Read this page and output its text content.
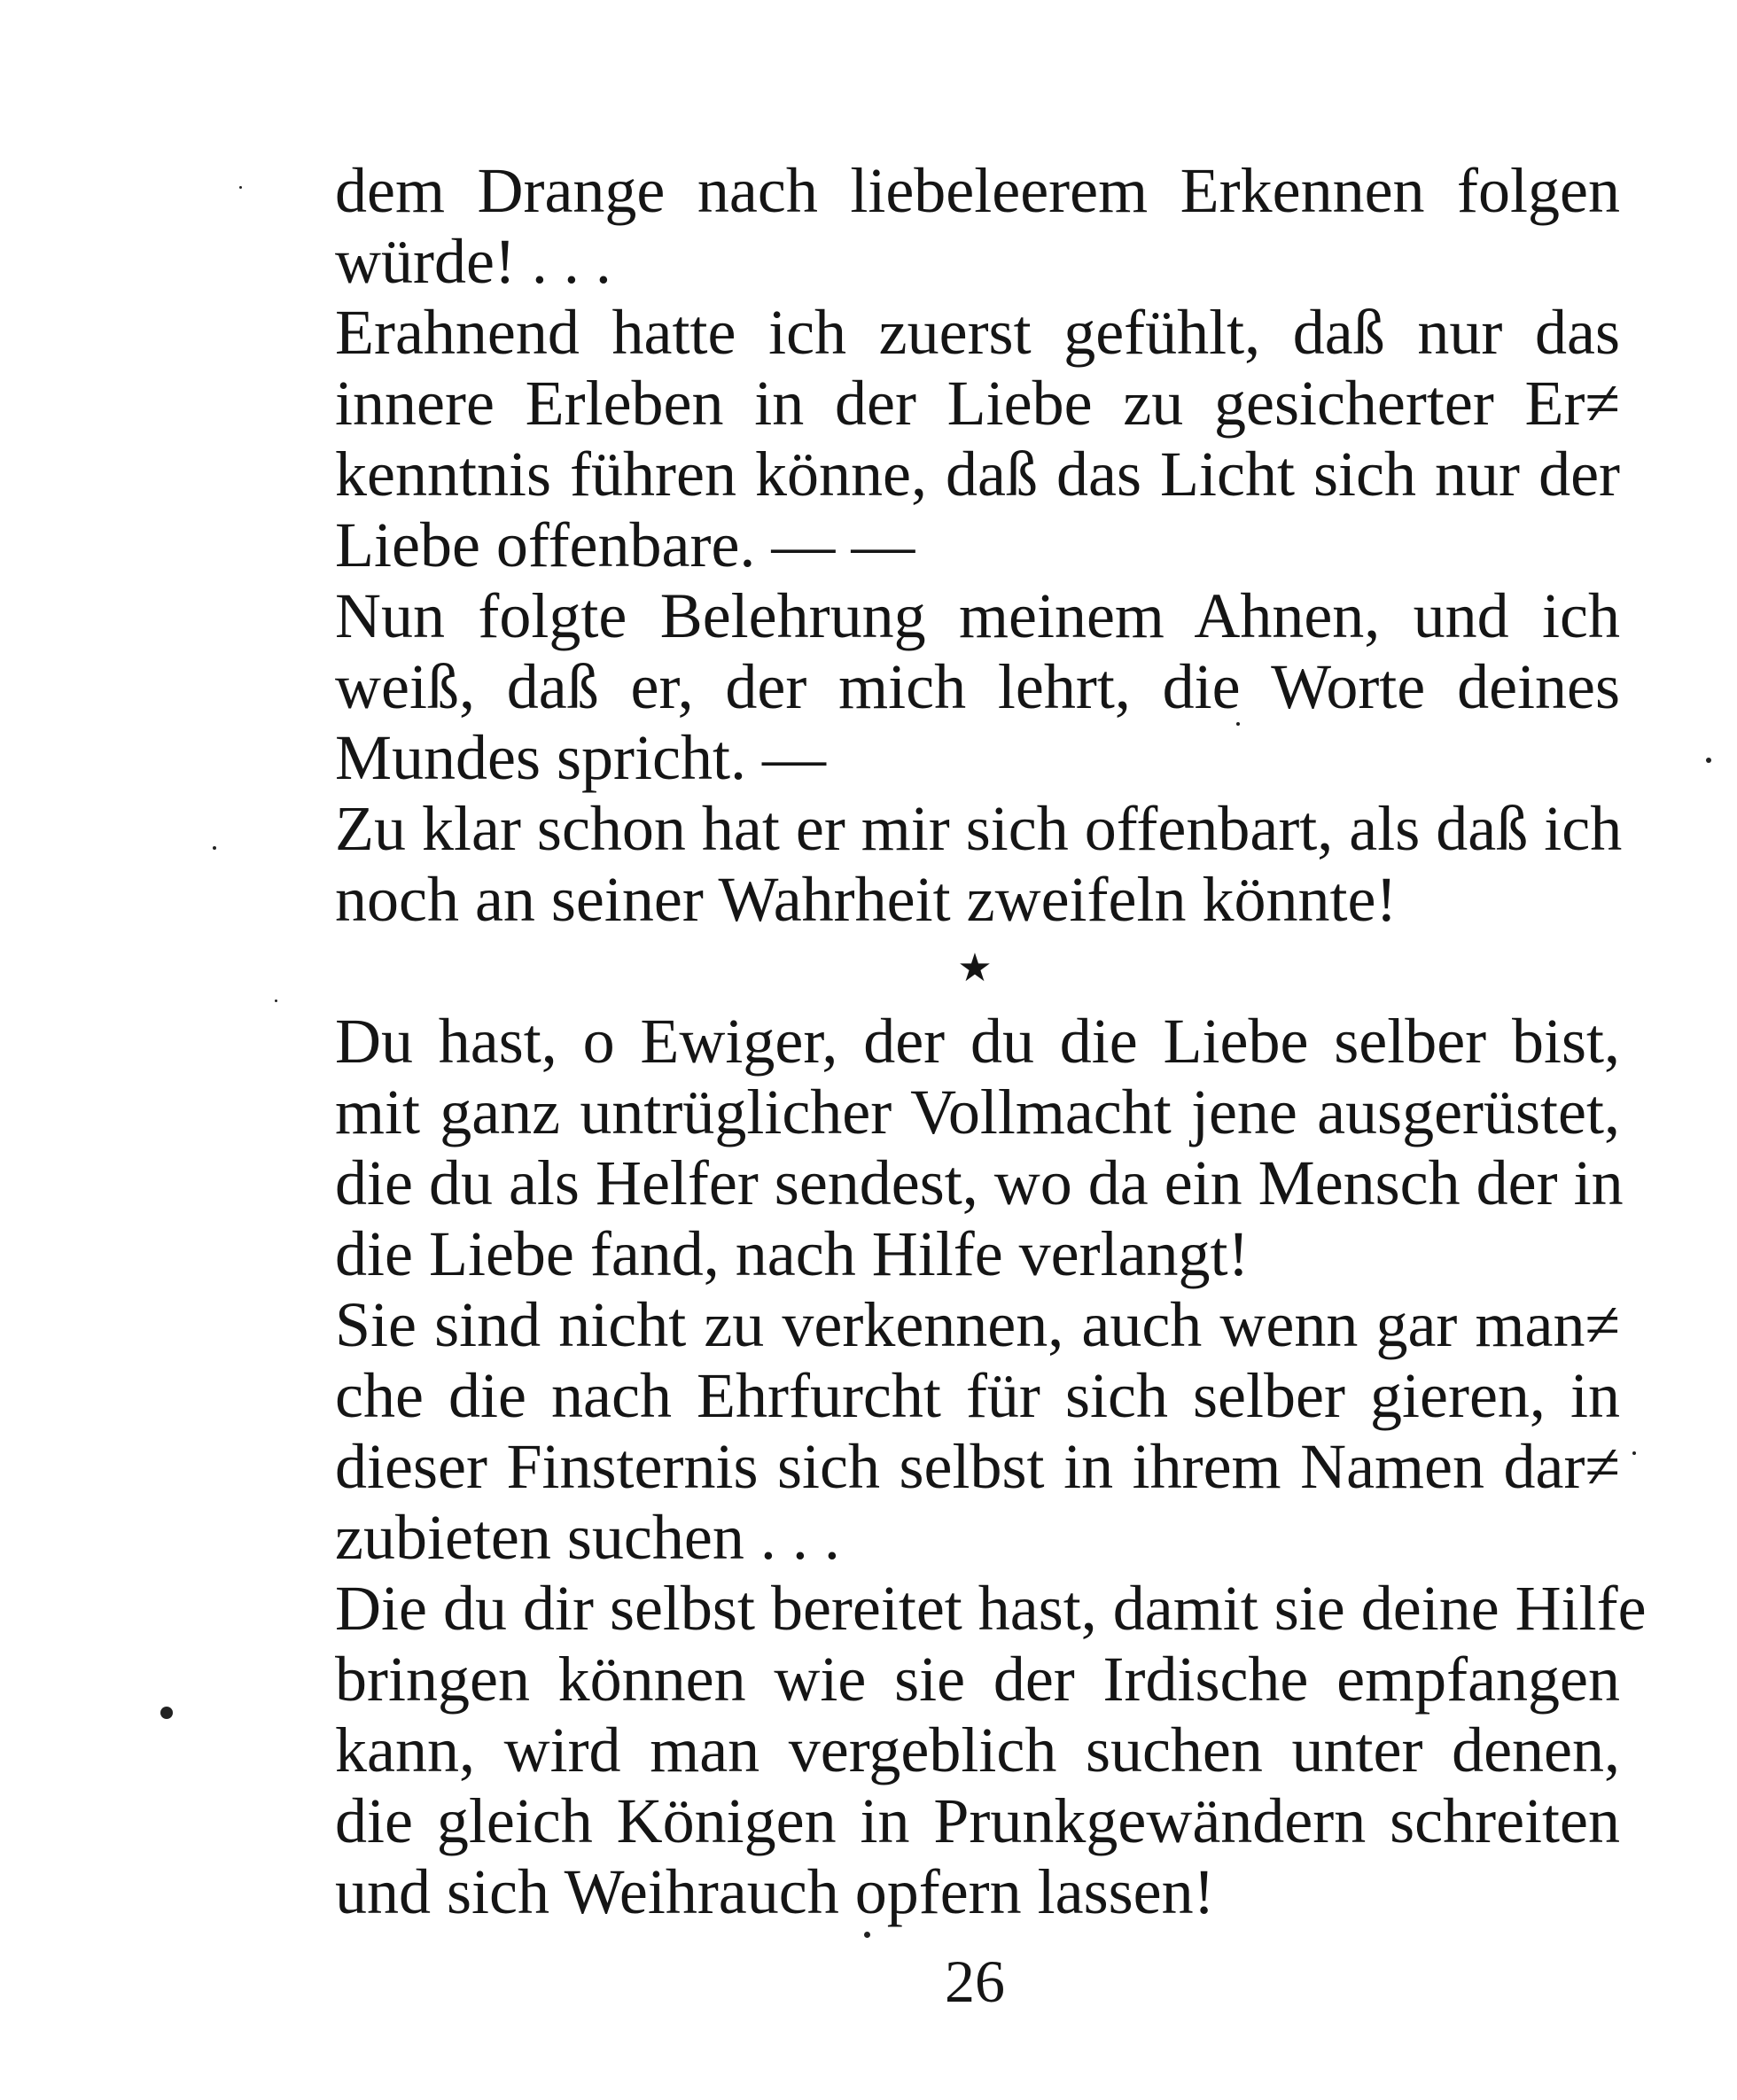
dem Drange nach liebeleerem Erkennen folgen
würde! . . .
Erahnend hatte ich zuerst gefühlt, daß nur das
innere Erleben in der Liebe zu gesicherter Er≠
kenntnis führen könne, daß das Licht sich nur der
Liebe offenbare. — —
Nun folgte Belehrung meinem Ahnen, und ich
weiß, daß er, der mich lehrt, die Worte deines
Mundes spricht. —
Zu klar schon hat er mir sich offenbart, als daß ich
noch an seiner Wahrheit zweifeln könnte!
★
Du hast, o Ewiger, der du die Liebe selber bist,
mit ganz untrüglicher Vollmacht jene ausgerüstet,
die du als Helfer sendest, wo da ein Mensch der in
die Liebe fand, nach Hilfe verlangt!
Sie sind nicht zu verkennen, auch wenn gar man≠
che die nach Ehrfurcht für sich selber gieren, in
dieser Finsternis sich selbst in ihrem Namen dar≠
zubieten suchen . . .
Die du dir selbst bereitet hast, damit sie deine Hilfe
bringen können wie sie der Irdische empfangen
kann, wird man vergeblich suchen unter denen,
die gleich Königen in Prunkgewändern schreiten
und sich Weihrauch opfern lassen!
26
